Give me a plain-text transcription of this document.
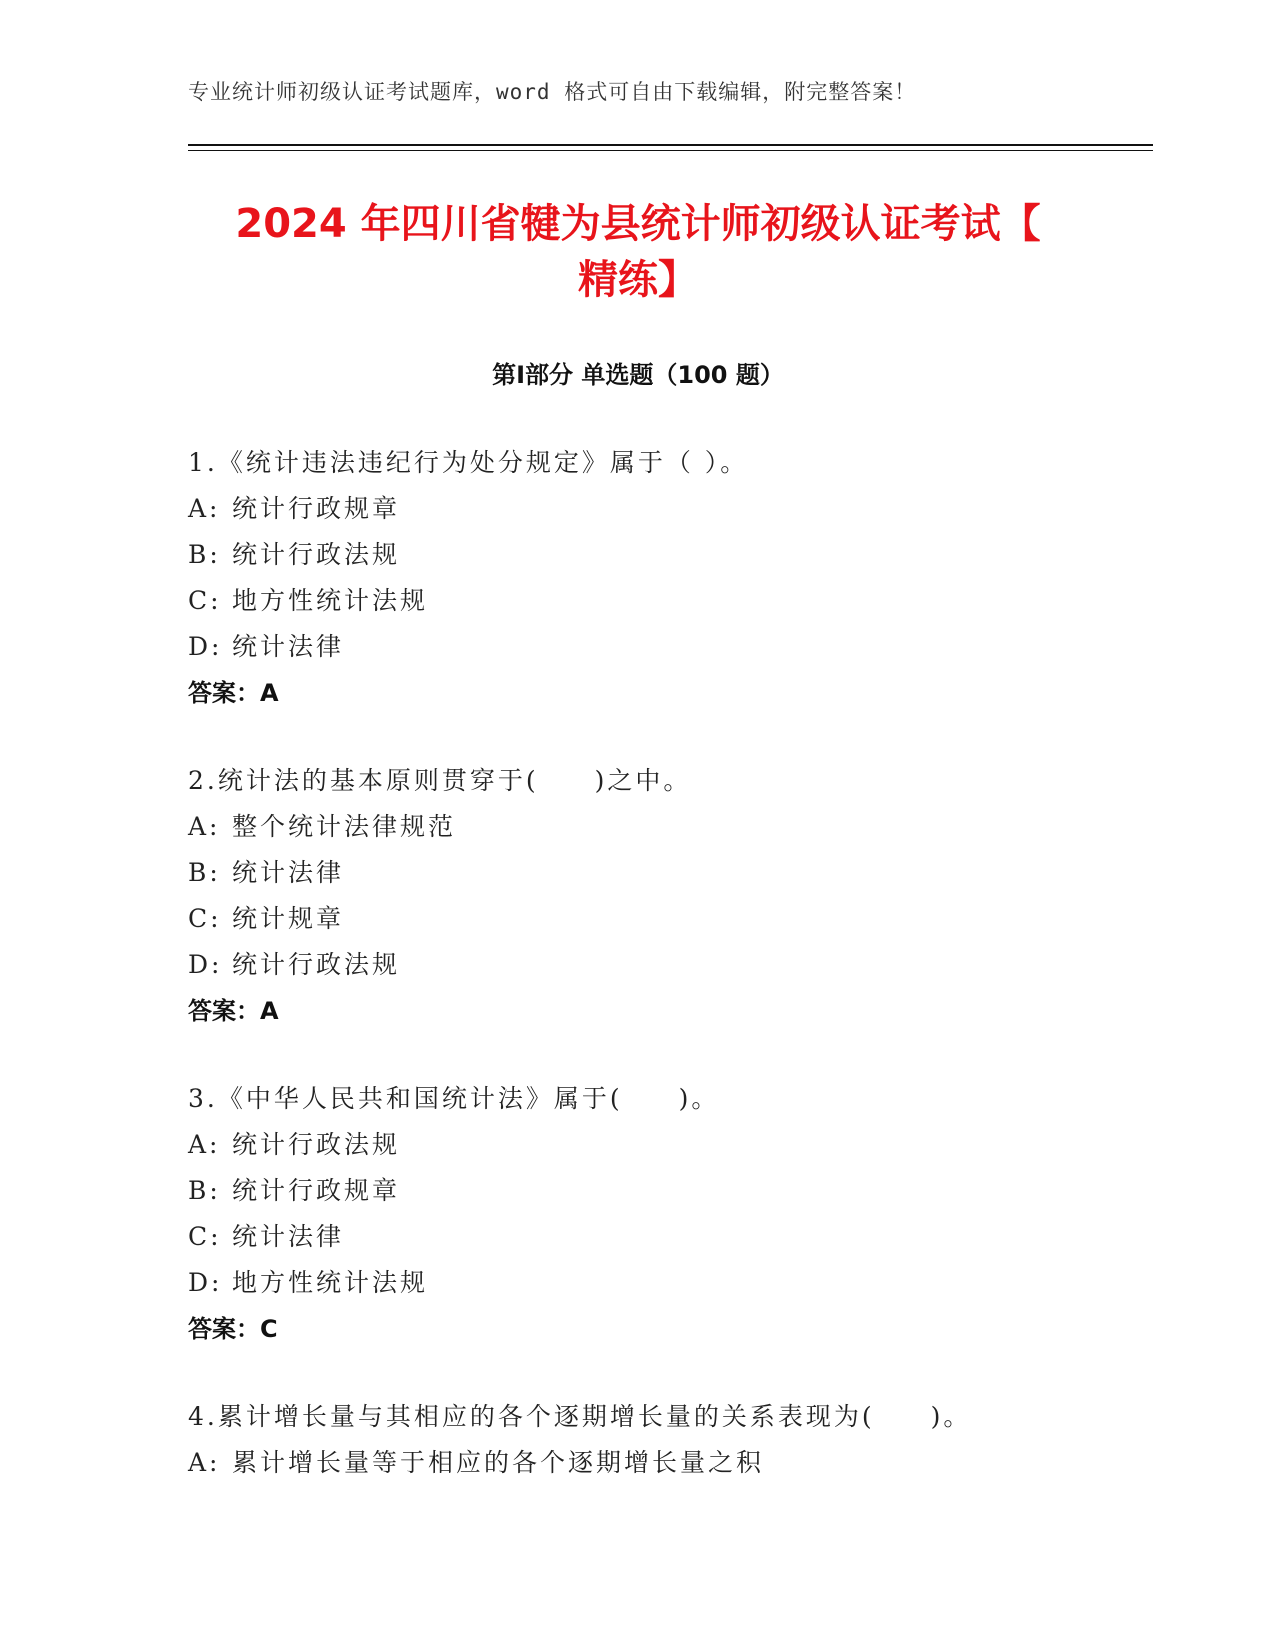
专业统计师初级认证考试题库，word 格式可自由下载编辑，附完整答案！
2024 年四川省犍为县统计师初级认证考试【
精练】
第Ⅰ部分 单选题（100 题）
1.《统计违法违纪行为处分规定》属于（ ）。
A: 统计行政规章
B: 统计行政法规
C: 地方性统计法规
D: 统计法律
答案：A
2.统计法的基本原则贯穿于(　　)之中。
A: 整个统计法律规范
B: 统计法律
C: 统计规章
D: 统计行政法规
答案：A
3.《中华人民共和国统计法》属于(　　)。
A: 统计行政法规
B: 统计行政规章
C: 统计法律
D: 地方性统计法规
答案：C
4.累计增长量与其相应的各个逐期增长量的关系表现为(　　)。
A: 累计增长量等于相应的各个逐期增长量之积
